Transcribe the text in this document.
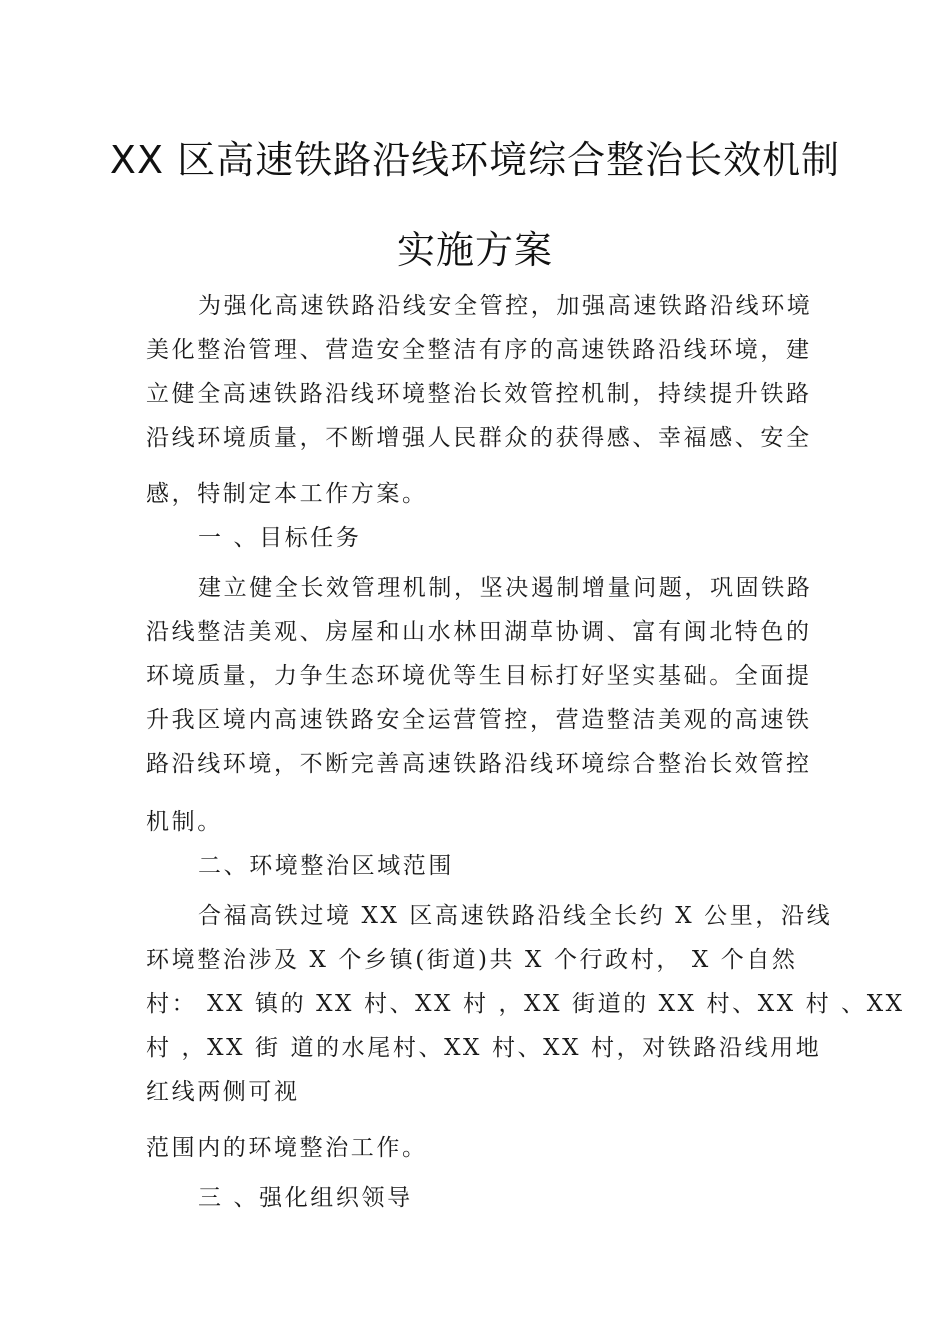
XX 区高速铁路沿线环境综合整治长效机制
实施方案
为强化高速铁路沿线安全管控，加强高速铁路沿线环境
美化整治管理、营造安全整洁有序的高速铁路沿线环境，建
立健全高速铁路沿线环境整治长效管控机制，持续提升铁路
沿线环境质量，不断增强人民群众的获得感、幸福感、安全
感，特制定本工作方案。
一 、目标任务
建立健全长效管理机制，坚决遏制增量问题，巩固铁路
沿线整洁美观、房屋和山水林田湖草协调、富有闽北特色的
环境质量，力争生态环境优等生目标打好坚实基础。全面提
升我区境内高速铁路安全运营管控，营造整洁美观的高速铁
路沿线环境，不断完善高速铁路沿线环境综合整治长效管控
机制。
二、环境整治区域范围
合福高铁过境 XX 区高速铁路沿线全长约 X 公里，沿线
环境整治涉及 X 个乡镇(街道)共 X 个行政村， X 个自然
村： XX 镇的 XX 村、XX 村 ，XX 街道的 XX 村、XX 村 、XX
村 ，XX 街 道的水尾村、XX 村、XX 村，对铁路沿线用地
红线两侧可视
范围内的环境整治工作。
三 、强化组织领导
